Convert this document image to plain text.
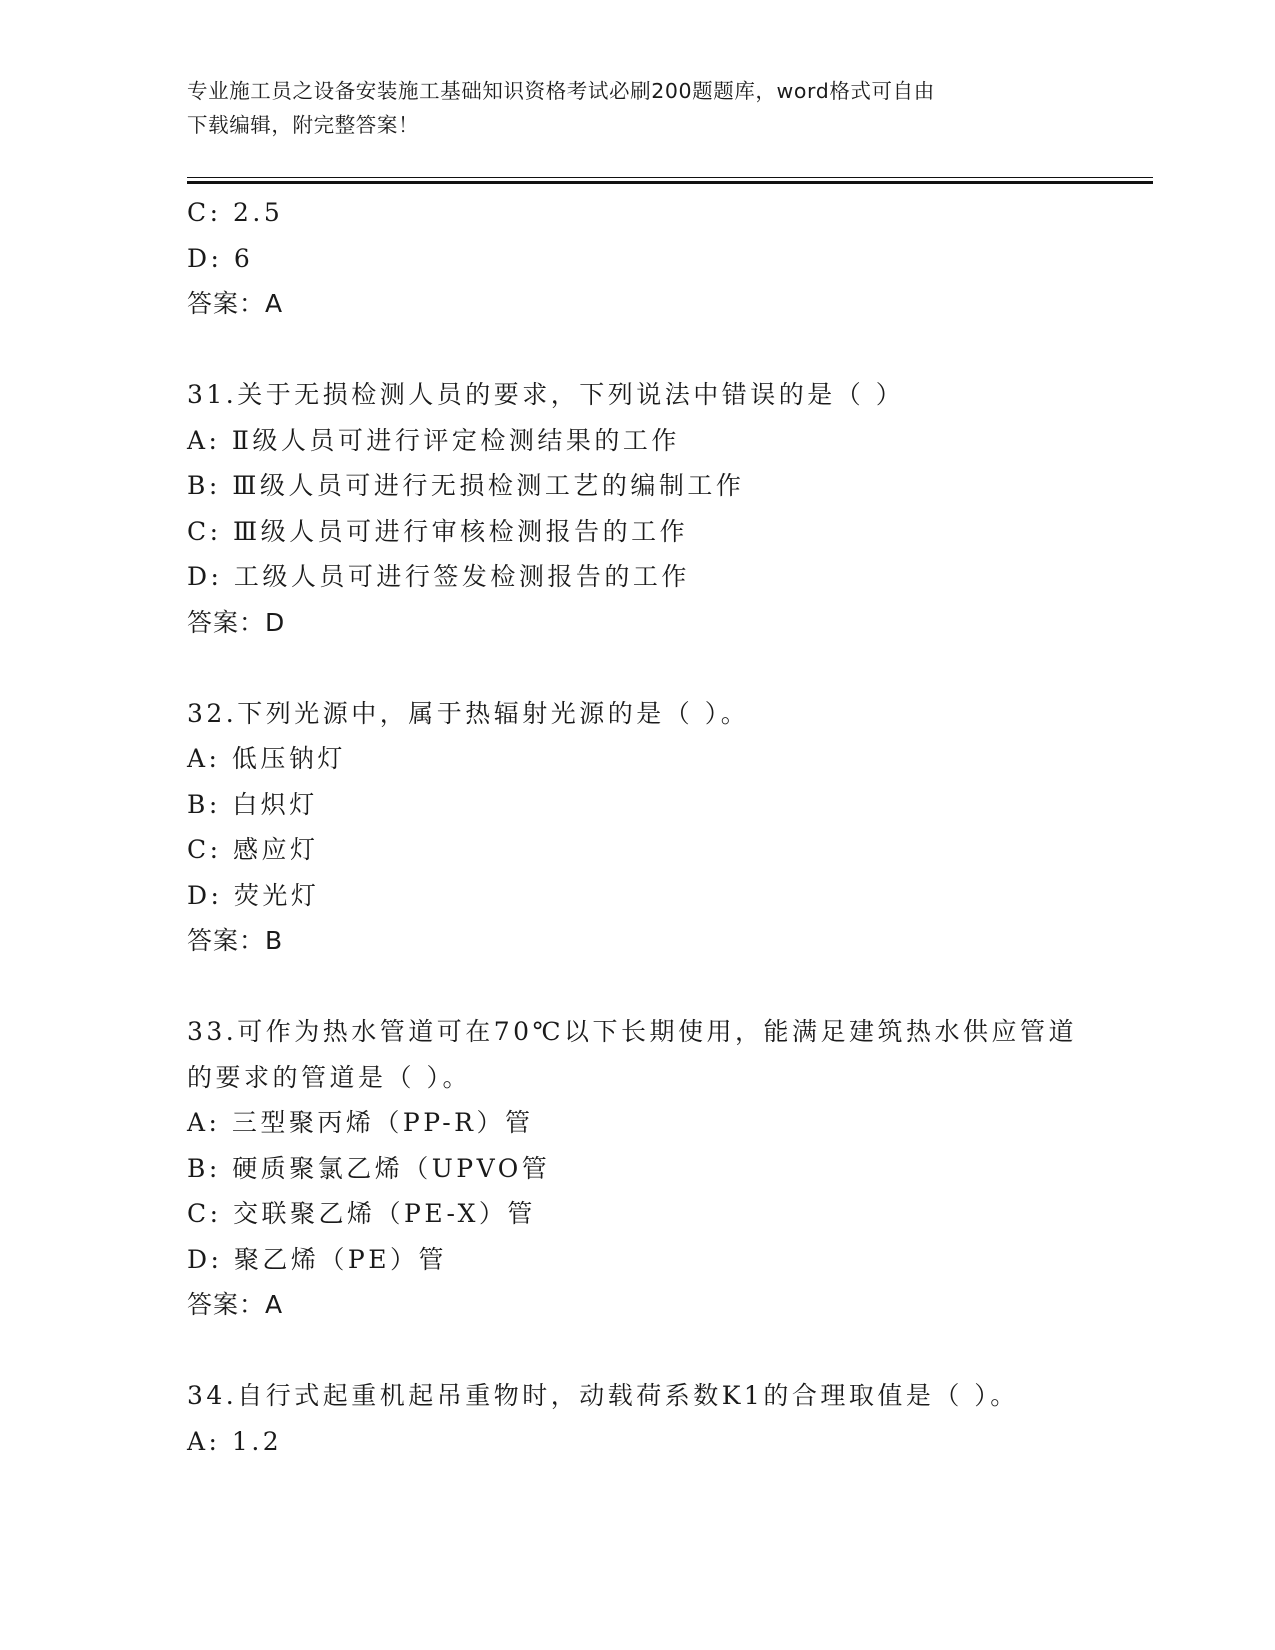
专业施工员之设备安装施工基础知识资格考试必刷200题题库，word格式可自由
下载编辑，附完整答案！
C: 2.5
D: 6
答案：A
31.关于无损检测人员的要求，下列说法中错误的是（ ）
A: Ⅱ级人员可进行评定检测结果的工作
B: Ⅲ级人员可进行无损检测工艺的编制工作
C: Ⅲ级人员可进行审核检测报告的工作
D: 工级人员可进行签发检测报告的工作
答案：D
32.下列光源中，属于热辐射光源的是（ ）。
A: 低压钠灯
B: 白炽灯
C: 感应灯
D: 荧光灯
答案：B
33.可作为热水管道可在70℃以下长期使用，能满足建筑热水供应管道
的要求的管道是（ ）。
A: 三型聚丙烯（PP-R）管
B: 硬质聚氯乙烯（UPVO管
C: 交联聚乙烯（PE-X）管
D: 聚乙烯（PE）管
答案：A
34.自行式起重机起吊重物时，动载荷系数K1的合理取值是（ ）。
A: 1.2
